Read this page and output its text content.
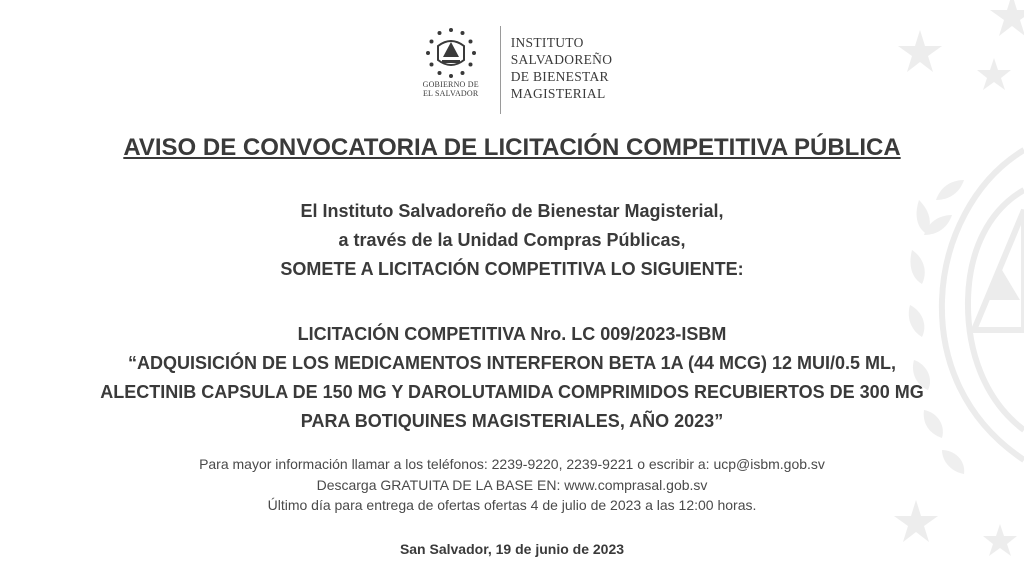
GOBIERNO DE
EL SALVADOR
INSTITUTO
SALVADOREÑO
DE BIENESTAR
MAGISTERIAL
AVISO DE CONVOCATORIA DE LICITACIÓN COMPETITIVA PÚBLICA
El Instituto Salvadoreño de Bienestar Magisterial,
a través de la Unidad Compras Públicas,
SOMETE A LICITACIÓN COMPETITIVA LO SIGUIENTE:
LICITACIÓN COMPETITIVA Nro. LC 009/2023-ISBM
“ADQUISICIÓN DE LOS MEDICAMENTOS INTERFERON BETA 1A (44 MCG) 12 MUI/0.5 ML,
ALECTINIB CAPSULA DE 150 MG Y DAROLUTAMIDA COMPRIMIDOS RECUBIERTOS DE 300 MG
PARA BOTIQUINES MAGISTERIALES, AÑO 2023”
Para mayor información llamar a los teléfonos: 2239-9220, 2239-9221 o escribir a: ucp@isbm.gob.sv
Descarga GRATUITA DE LA BASE EN: www.comprasal.gob.sv
Último día para entrega de ofertas ofertas 4 de julio de 2023 a las 12:00 horas.
San Salvador, 19 de junio de 2023
